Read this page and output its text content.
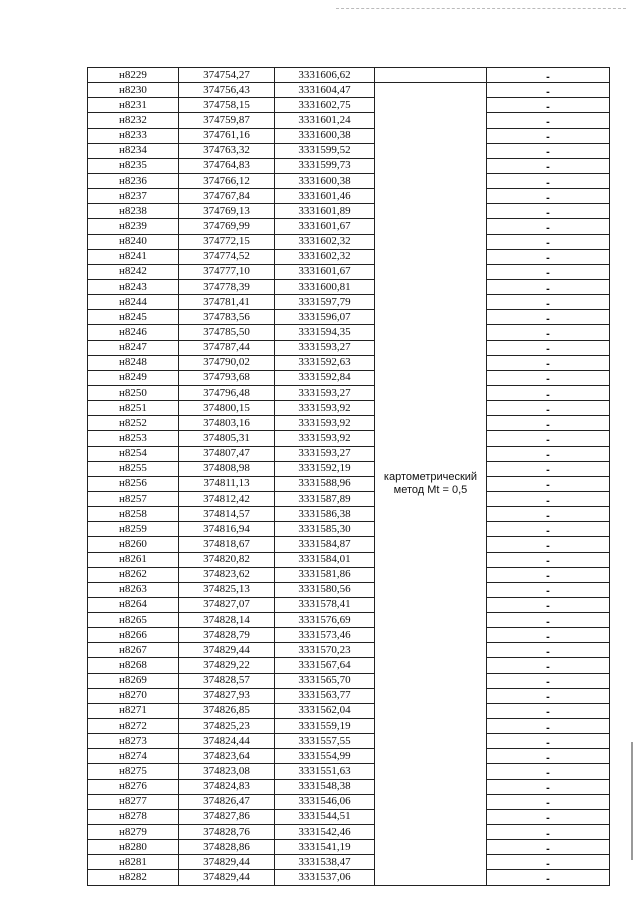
н8229	374754,27	3331606,62		-
н8230	374756,43	3331604,47	картометрический метод Mt = 0,5	-
н8231	374758,15	3331602,75		-
н8232	374759,87	3331601,24		-
н8233	374761,16	3331600,38		-
н8234	374763,32	3331599,52		-
н8235	374764,83	3331599,73		-
н8236	374766,12	3331600,38		-
н8237	374767,84	3331601,46		-
н8238	374769,13	3331601,89		-
н8239	374769,99	3331601,67		-
н8240	374772,15	3331602,32		-
н8241	374774,52	3331602,32		-
н8242	374777,10	3331601,67		-
н8243	374778,39	3331600,81		-
н8244	374781,41	3331597,79		-
н8245	374783,56	3331596,07		-
н8246	374785,50	3331594,35		-
н8247	374787,44	3331593,27		-
н8248	374790,02	3331592,63		-
н8249	374793,68	3331592,84		-
н8250	374796,48	3331593,27		-
н8251	374800,15	3331593,92		-
н8252	374803,16	3331593,92		-
н8253	374805,31	3331593,92		-
н8254	374807,47	3331593,27		-
н8255	374808,98	3331592,19		-
н8256	374811,13	3331588,96		-
н8257	374812,42	3331587,89		-
н8258	374814,57	3331586,38		-
н8259	374816,94	3331585,30		-
н8260	374818,67	3331584,87		-
н8261	374820,82	3331584,01		-
н8262	374823,62	3331581,86		-
н8263	374825,13	3331580,56		-
н8264	374827,07	3331578,41		-
н8265	374828,14	3331576,69		-
н8266	374828,79	3331573,46		-
н8267	374829,44	3331570,23		-
н8268	374829,22	3331567,64		-
н8269	374828,57	3331565,70		-
н8270	374827,93	3331563,77		-
н8271	374826,85	3331562,04		-
н8272	374825,23	3331559,19		-
н8273	374824,44	3331557,55		-
н8274	374823,64	3331554,99		-
н8275	374823,08	3331551,63		-
н8276	374824,83	3331548,38		-
н8277	374826,47	3331546,06		-
н8278	374827,86	3331544,51		-
н8279	374828,76	3331542,46		-
н8280	374828,86	3331541,19		-
н8281	374829,44	3331538,47		-
н8282	374829,44	3331537,06		-
